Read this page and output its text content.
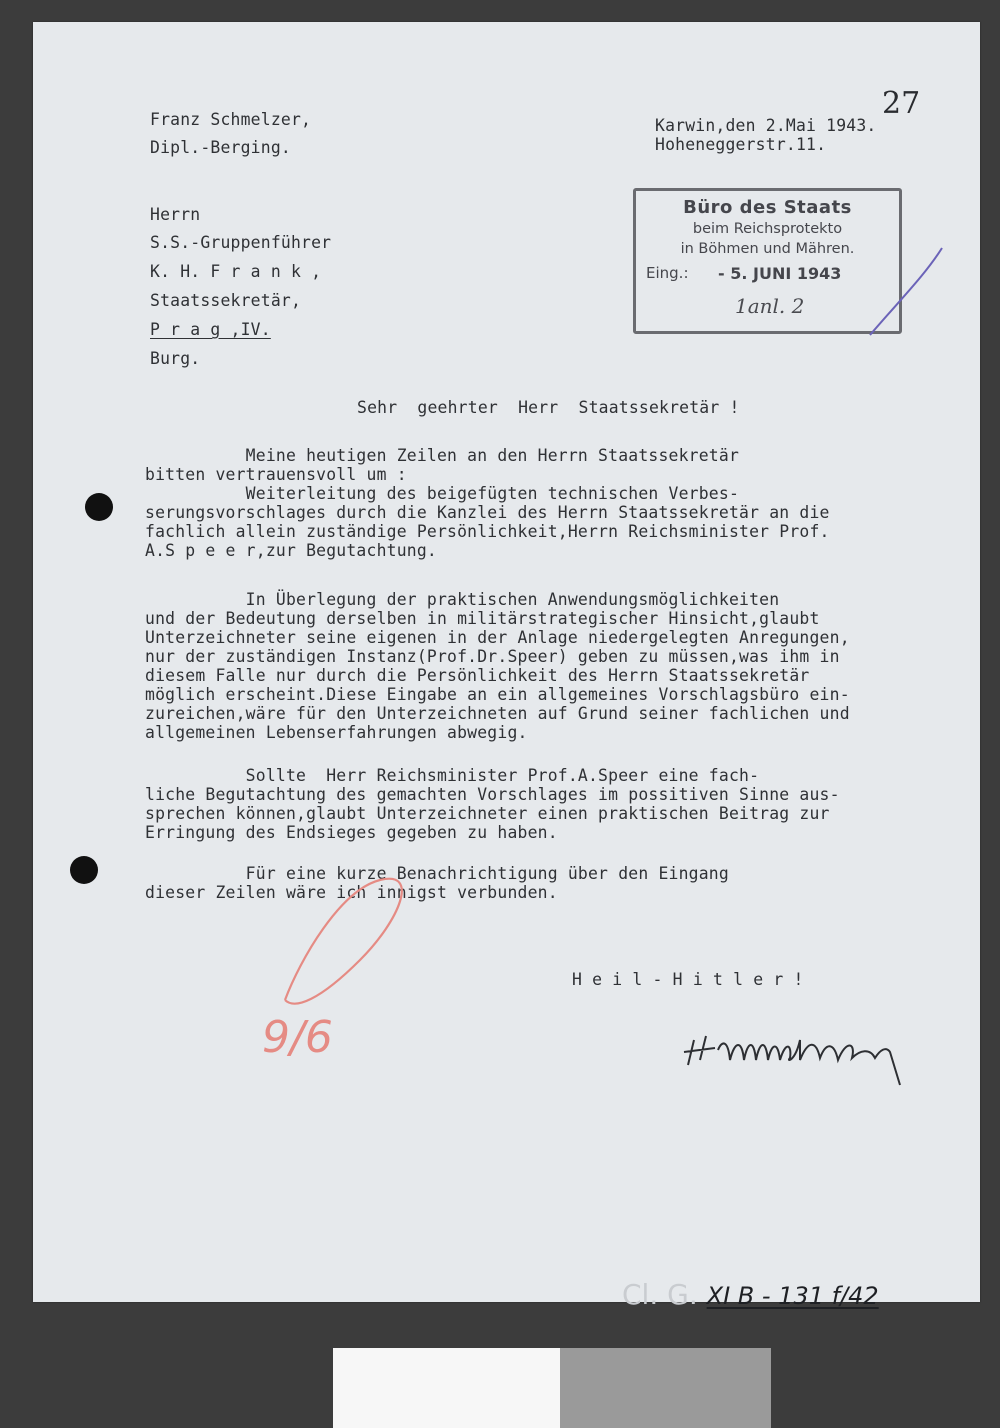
27
Franz Schmelzer,
Dipl.-Berging.
Karwin,den 2.Mai 1943.
Hoheneggerstr.11.
Büro des Staats
beim Reichsprotekto
in Böhmen und Mähren.
Eing.: - 5. JUNI 1943
Herrn
S.S.-Gruppenführer
K. H. F r a n k ,
Staatssekretär,
P r a g ,IV.
Burg.
Sehr  geehrter  Herr  Staatssekretär !
Meine heutigen Zeilen an den Herrn Staatssekretär
bitten vertrauensvoll um :
Weiterleitung des beigefügten technischen Verbes-
serungsvorschlages durch die Kanzlei des Herrn Staatssekretär an die
fachlich allein zuständige Persönlichkeit,Herrn Reichsminister Prof.
A.S p e e r,zur Begutachtung.
In Überlegung der praktischen Anwendungsmöglichkeiten
und der Bedeutung derselben in militärstrategischer Hinsicht,glaubt
Unterzeichneter seine eigenen in der Anlage niedergelegten Anregungen,
nur der zuständigen Instanz(Prof.Dr.Speer) geben zu müssen,was ihm in
diesem Falle nur durch die Persönlichkeit des Herrn Staatssekretär
möglich erscheint.Diese Eingabe an ein allgemeines Vorschlagsbüro ein-
zureichen,wäre für den Unterzeichneten auf Grund seiner fachlichen und
allgemeinen Lebenserfahrungen abwegig.
Sollte  Herr Reichsminister Prof.A.Speer eine fach-
liche Begutachtung des gemachten Vorschlages im possitiven Sinne aus-
sprechen können,glaubt Unterzeichneter einen praktischen Beitrag zur
Erringung des Endsieges gegeben zu haben.
Für eine kurze Benachrichtigung über den Eingang
dieser Zeilen wäre ich innigst verbunden.
H e i l - H i t l e r !
Cl. G. XI B - 131 f/42
1anl. 2
9/6
